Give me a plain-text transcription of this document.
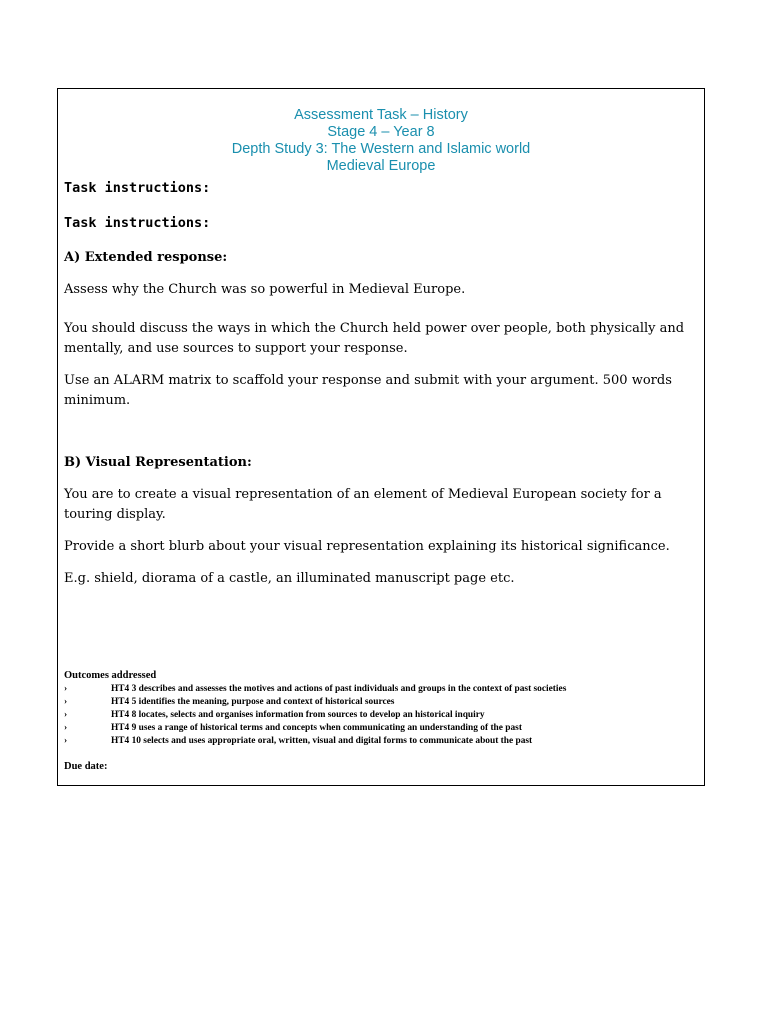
Assessment Task – History
Stage 4 – Year 8
Depth Study 3: The Western and Islamic world
Medieval Europe
Task instructions:
Task instructions:
A) Extended response:
Assess why the Church was so powerful in Medieval Europe.
You should discuss the ways in which the Church held power over people, both physically and
mentally, and use sources to support your response.
Use an ALARM matrix to scaffold your response and submit with your argument. 500 words
minimum.
B) Visual Representation:
You are to create a visual representation of an element of Medieval European society for a
touring display.
Provide a short blurb about your visual representation explaining its historical significance.
E.g. shield, diorama of a castle, an illuminated manuscript page etc.
Outcomes addressed
›	HT4 3 describes and assesses the motives and actions of past individuals and groups in the context of past societies
›	HT4 5 identifies the meaning, purpose and context of historical sources
›	HT4 8 locates, selects and organises information from sources to develop an historical inquiry
›	HT4 9 uses a range of historical terms and concepts when communicating an understanding of the past
›	HT4 10 selects and uses appropriate oral, written, visual and digital forms to communicate about the past
Due date:
